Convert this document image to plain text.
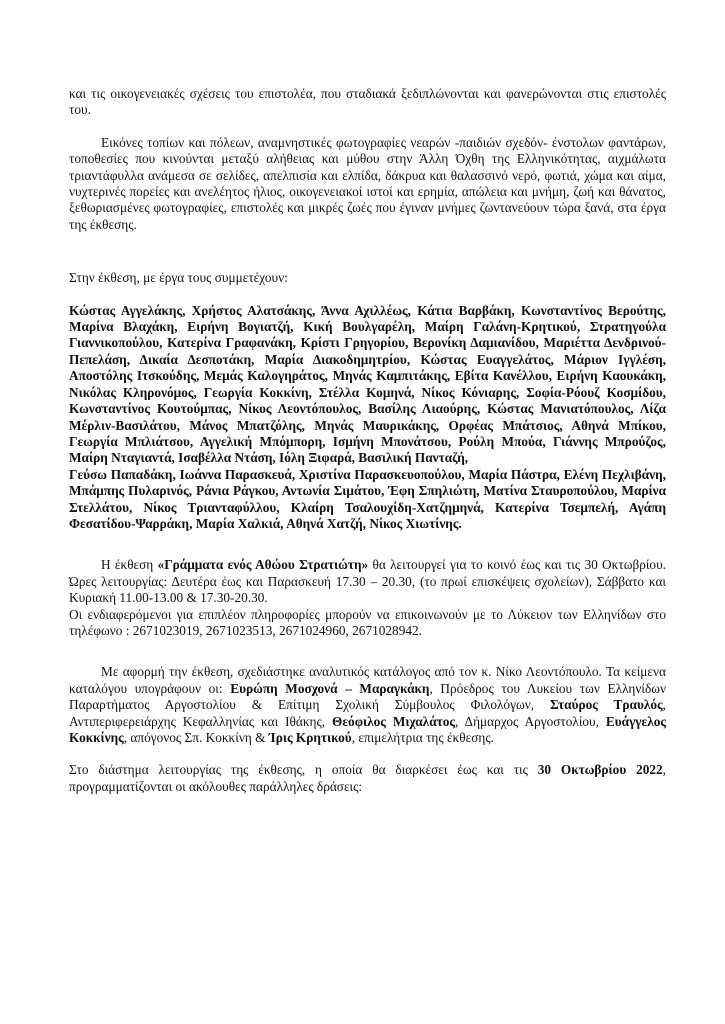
και τις οικογενειακές σχέσεις του επιστολέα, που σταδιακά ξεδιπλώνονται και φανερώνονται στις επιστολές του.

Εικόνες τοπίων και πόλεων, αναμνηστικές φωτογραφίες νεαρών -παιδιών σχεδόν- ένστολων φαντάρων, τοποθεσίες που κινούνται μεταξύ αλήθειας και μύθου στην Άλλη Όχθη της Ελληνικότητας, αιχμάλωτα τριαντάφυλλα ανάμεσα σε σελίδες, απελπισία και ελπίδα, δάκρυα και θαλασσινό νερό, φωτιά, χώμα και αίμα, νυχτερινές πορείες και ανελέητος ήλιος, οικογενειακοί ιστοί και ερημία, απώλεια και μνήμη, ζωή και θάνατος, ξεθωριασμένες φωτογραφίες, επιστολές και μικρές ζωές που έγιναν μνήμες ζωντανεύουν τώρα ξανά, στα έργα της έκθεσης.

Στην έκθεση, με έργα τους συμμετέχουν:

Κώστας Αγγελάκης, Χρήστος Αλατσάκης, Άννα Αχιλλέως, Κάτια Βαρβάκη, Κωνσταντίνος Βερούτης, Μαρίνα Βλαχάκη, Ειρήνη Βογιατζή, Κική Βουλγαρέλη, Μαίρη Γαλάνη-Κρητικού, Στρατηγούλα Γιαννικοπούλου, Κατερίνα Γραφανάκη, Κρίστι Γρηγορίου, Βερονίκη Δαμιανίδου, Μαριέττα Δενδρινού-Πεπελάση, Δικαία Δεσποτάκη, Μαρία Διακοδημητρίου, Κώστας Ευαγγελάτος, Μάριον Ιγγλέση, Αποστόλης Ιτσκούδης, Μεμάς Καλογηράτος, Μηνάς Καμπιτάκης, Εβίτα Κανέλλου, Ειρήνη Καουκάκη, Νικόλας Κληρονόμος, Γεωργία Κοκκίνη, Στέλλα Κομηνά, Νίκος Κόνιαρης, Σοφία-Ρόουζ Κοσμίδου, Κωνσταντίνος Κουτούμπας, Νίκος Λεοντόπουλος, Βασίλης Λιαούρης, Κώστας Μανιατόπουλος, Λίζα Μέρλιν-Βασιλάτου, Μάνος Μπατζόλης, Μηνάς Μαυρικάκης, Ορφέας Μπάτσιος, Αθηνά Μπίκου, Γεωργία Μπλιάτσου, Αγγελική Μπόμπορη, Ισμήνη Μπονάτσου, Ρούλη Μπούα, Γιάννης Μπρούζος, Μαίρη Νταγιαντά, Ισαβέλλα Ντάση, Ιόλη Ξιφαρά, Βασιλική Πανταζή,

Γεύσω Παπαδάκη, Ιωάννα Παρασκευά, Χριστίνα Παρασκευοπούλου, Μαρία Πάστρα, Ελένη Πεχλιβάνη, Μπάμπης Πυλαρινός, Ράνια Ράγκου, Αντωνία Σιμάτου, Έφη Σπηλιώτη, Ματίνα Σταυροπούλου, Μαρίνα Στελλάτου, Νίκος Τριανταφύλλου, Κλαίρη Τσαλουχίδη-Χατζημηνά, Κατερίνα Τσεμπελή, Αγάπη Φεσατίδου-Ψαρράκη, Μαρία Χαλκιά, Αθηνά Χατζή, Νίκος Χιωτίνης.

Η έκθεση «Γράμματα ενός Αθώου Στρατιώτη» θα λειτουργεί για το κοινό έως και τις 30 Οκτωβρίου. Ώρες λειτουργίας: Δευτέρα έως και Παρασκευή 17.30 – 20.30, (το πρωί επισκέψεις σχολείων), Σάββατο και Κυριακή 11.00-13.00 & 17.30-20.30.

Οι ενδιαφερόμενοι για επιπλέον πληροφορίες μπορούν να επικοινωνούν με το Λύκειον των Ελληνίδων στο τηλέφωνο : 2671023019, 2671023513, 2671024960, 2671028942.

Με αφορμή την έκθεση, σχεδιάστηκε αναλυτικός κατάλογος από τον κ. Νίκο Λεοντόπουλο. Τα κείμενα καταλόγου υπογράφουν οι: Ευρώπη Μοσχονά – Μαραγκάκη, Πρόεδρος του Λυκείου των Ελληνίδων Παραρτήματος Αργοστολίου & Επίτιμη Σχολική Σύμβουλος Φιλολόγων, Σταύρος Τραυλός, Αντιπεριφερειάρχης Κεφαλληνίας και Ιθάκης, Θεόφιλος Μιχαλάτος, Δήμαρχος Αργοστολίου, Ευάγγελος Κοκκίνης, απόγονος Σπ. Κοκκίνη & Ίρις Κρητικού, επιμελήτρια της έκθεσης.

Στο διάστημα λειτουργίας της έκθεσης, η οποία θα διαρκέσει έως και τις 30 Οκτωβρίου 2022, προγραμματίζονται οι ακόλουθες παράλληλες δράσεις:
